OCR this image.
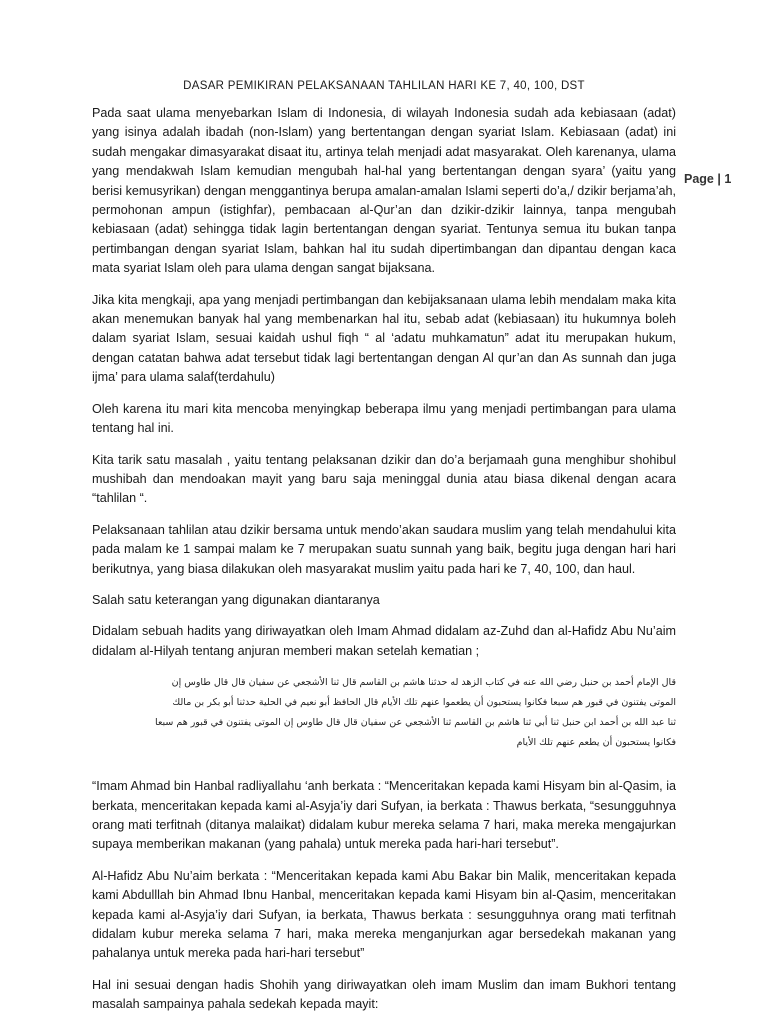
DASAR PEMIKIRAN PELAKSANAAN TAHLILAN HARI KE 7, 40, 100, DST
Page | 1

Pada saat ulama menyebarkan Islam di Indonesia, di wilayah Indonesia sudah ada kebiasaan (adat) yang isinya adalah ibadah (non-Islam) yang bertentangan dengan syariat Islam. Kebiasaan (adat) ini sudah mengakar dimasyarakat disaat itu, artinya telah menjadi adat masyarakat. Oleh karenanya, ulama yang mendakwah Islam kemudian mengubah hal-hal yang bertentangan dengan syara’ (yaitu yang berisi kemusyrikan) dengan menggantinya berupa amalan-amalan Islami seperti do’a,/ dzikir berjama’ah, permohonan ampun (istighfar), pembacaan al-Qur’an dan dzikir-dzikir lainnya, tanpa mengubah kebiasaan (adat) sehingga tidak lagin bertentangan dengan syariat. Tentunya semua itu bukan tanpa pertimbangan dengan syariat Islam, bahkan hal itu sudah dipertimbangan dan dipantau dengan kaca mata syariat Islam oleh para ulama dengan sangat bijaksana.

Jika kita mengkaji, apa yang menjadi pertimbangan dan kebijaksanaan ulama lebih mendalam maka kita akan menemukan banyak hal yang membenarkan hal itu, sebab adat (kebiasaan) itu hukumnya boleh dalam syariat Islam, sesuai kaidah ushul fiqh “ al ‘adatu muhkamatun” adat itu merupakan hukum, dengan catatan bahwa adat tersebut tidak lagi bertentangan dengan Al qur’an dan As sunnah dan juga ijma’ para ulama salaf(terdahulu)

Oleh karena itu mari kita mencoba menyingkap beberapa ilmu yang menjadi pertimbangan para ulama tentang hal ini.

Kita tarik satu masalah , yaitu tentang pelaksanan dzikir dan do’a berjamaah guna menghibur shohibul mushibah dan mendoakan mayit yang baru saja meninggal dunia atau biasa dikenal dengan acara “tahlilan “.

Pelaksanaan tahlilan atau dzikir bersama untuk mendo’akan saudara muslim yang telah mendahului kita pada malam ke 1 sampai malam ke 7 merupakan suatu sunnah yang baik, begitu juga dengan hari hari berikutnya, yang biasa dilakukan oleh masyarakat muslim yaitu pada hari ke 7, 40, 100, dan haul.

Salah satu keterangan yang digunakan diantaranya

Didalam sebuah hadits yang diriwayatkan oleh Imam Ahmad didalam az-Zuhd dan al-Hafidz Abu Nu’aim didalam al-Hilyah tentang anjuran memberi makan setelah kematian ;

قال الإمام أحمد بن حنبل رضي الله عنه في كتاب الزهد له حدثنا هاشم بن القاسم قال ثنا الأشجعي عن سفيان قال قال طاوس إن
الموتى يفتنون في قبور هم سبعا فكانوا يستحبون أن يطعموا عنهم تلك الأيام قال الحافظ أبو نعيم في الحلية حدثنا أبو بكر بن مالك
ثنا عبد الله بن أحمد ابن حنبل ثنا أبي ثنا هاشم بن القاسم ثنا الأشجعي عن سفيان قال قال طاوس إن الموتى يفتنون في قبور هم سبعا
فكانوا يستحبون أن يطعم عنهم تلك الأيام

“Imam Ahmad bin Hanbal radliyallahu ‘anh berkata : “Menceritakan kepada kami Hisyam bin al-Qasim, ia berkata, menceritakan kepada kami al-Asyja’iy dari Sufyan, ia berkata : Thawus berkata, “sesungguhnya orang mati terfitnah (ditanya malaikat) didalam kubur mereka selama 7 hari, maka mereka mengajurkan supaya memberikan makanan (yang pahala) untuk mereka pada hari-hari tersebut”.

Al-Hafidz Abu Nu’aim berkata : “Menceritakan kepada kami Abu Bakar bin Malik, menceritakan kepada kami Abdulllah bin Ahmad Ibnu Hanbal, menceritakan kepada kami Hisyam bin al-Qasim, menceritakan kepada kami al-Asyja’iy dari Sufyan, ia berkata, Thawus berkata : sesungguhnya orang mati terfitnah didalam kubur mereka selama 7 hari, maka mereka menganjurkan agar bersedekah makanan yang pahalanya untuk mereka pada hari-hari tersebut”

Hal ini sesuai dengan hadis Shohih yang diriwayatkan oleh imam Muslim dan imam Bukhori tentang masalah sampainya pahala sedekah kepada mayit:
